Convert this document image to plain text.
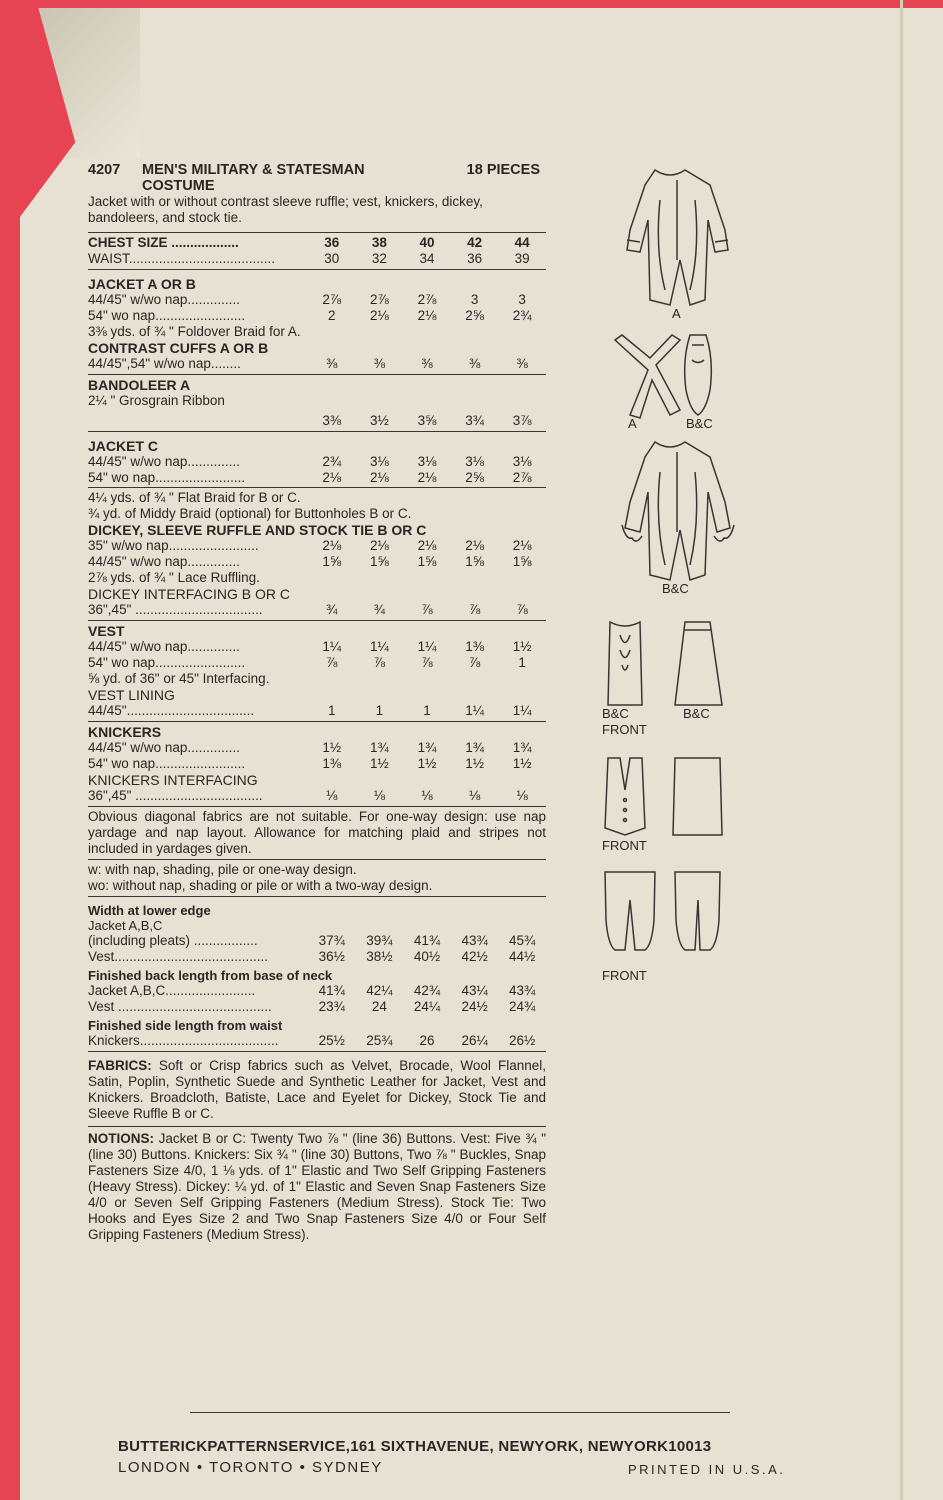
4207	MEN'S MILITARY & STATESMAN	18 PIECES
COSTUME
Jacket with or without contrast sleeve ruffle; vest, knickers, dickey, bandoleers, and stock tie.
CHEST SIZE ..................	36	38	40	42	44
WAIST.......................................	30	32	34	36	39
JACKET A OR B
44/45" w/wo nap..............	2⅞	2⅞	2⅞	3	3
54" wo nap........................	2	2⅛	2⅛	2⅝	2¾
3⅜ yds. of ¾ " Foldover Braid for A.
CONTRAST CUFFS A OR B
44/45",54" w/wo nap........	⅜	⅜	⅜	⅜	⅜
BANDOLEER A
2¼ " Grosgrain Ribbon
3⅜	3½	3⅝	3¾	3⅞
JACKET C
44/45" w/wo nap..............	2¾	3⅛	3⅛	3⅛	3⅛
54" wo nap........................	2⅛	2⅛	2⅛	2⅝	2⅞
4¼ yds. of ¾ " Flat Braid for B or C.
¾ yd. of Middy Braid (optional) for Buttonholes B or C.
DICKEY, SLEEVE RUFFLE AND STOCK TIE B OR C
35" w/wo nap........................	2⅛	2⅛	2⅛	2⅛	2⅛
44/45" w/wo nap..............	1⅝	1⅝	1⅝	1⅝	1⅝
2⅞ yds. of ¾ " Lace Ruffling.
DICKEY INTERFACING B OR C
36",45" ..................................	¾	¾	⅞	⅞	⅞
VEST
44/45" w/wo nap..............	1¼	1¼	1¼	1⅜	1½
54" wo nap........................	⅞	⅞	⅞	⅞	1
⅝ yd. of 36" or 45" Interfacing.
VEST LINING
44/45"..................................	1	1	1	1¼	1¼
KNICKERS
44/45" w/wo nap..............	1½	1¾	1¾	1¾	1¾
54" wo nap........................	1⅜	1½	1½	1½	1½
KNICKERS INTERFACING
36",45" ..................................	⅛	⅛	⅛	⅛	⅛
Obvious diagonal fabrics are not suitable. For one-way design: use nap yardage and nap layout. Allowance for matching plaid and stripes not included in yardages given.
w: with nap, shading, pile or one-way design.
wo: without nap, shading or pile or with a two-way design.
Width at lower edge
Jacket A,B,C
(including pleats) .................	37¾	39¾	41¾	43¾	45¾
Vest.........................................	36½	38½	40½	42½	44½
Finished back length from base of neck
Jacket A,B,C........................	41¾	42¼	42¾	43¼	43¾
Vest .........................................	23¾	24	24¼	24½	24¾
Finished side length from waist
Knickers.....................................	25½	25¾	26	26¼	26½
FABRICS: Soft or Crisp fabrics such as Velvet, Brocade, Wool Flannel, Satin, Poplin, Synthetic Suede and Synthetic Leather for Jacket, Vest and Knickers. Broadcloth, Batiste, Lace and Eyelet for Dickey, Stock Tie and Sleeve Ruffle B or C.
NOTIONS: Jacket B or C: Twenty Two ⅞ " (line 36) Buttons. Vest: Five ¾ " (line 30) Buttons. Knickers: Six ¾ " (line 30) Buttons, Two ⅞ " Buckles, Snap Fasteners Size 4/0, 1 ⅛ yds. of 1" Elastic and Two Self Gripping Fasteners (Heavy Stress). Dickey: ¼ yd. of 1" Elastic and Seven Snap Fasteners Size 4/0 or Seven Self Gripping Fasteners (Medium Stress). Stock Tie: Two Hooks and Eyes Size 2 and Two Snap Fasteners Size 4/0 or Four Self Gripping Fasteners (Medium Stress).
A
A	B&C
B&C
B&C
FRONT
B&C
FRONT
FRONT
BUTTERICKPATTERNSERVICE,161 SIXTHAVENUE, NEWYORK, NEWYORK10013
LONDON • TORONTO • SYDNEY	PRINTED IN U.S.A.
